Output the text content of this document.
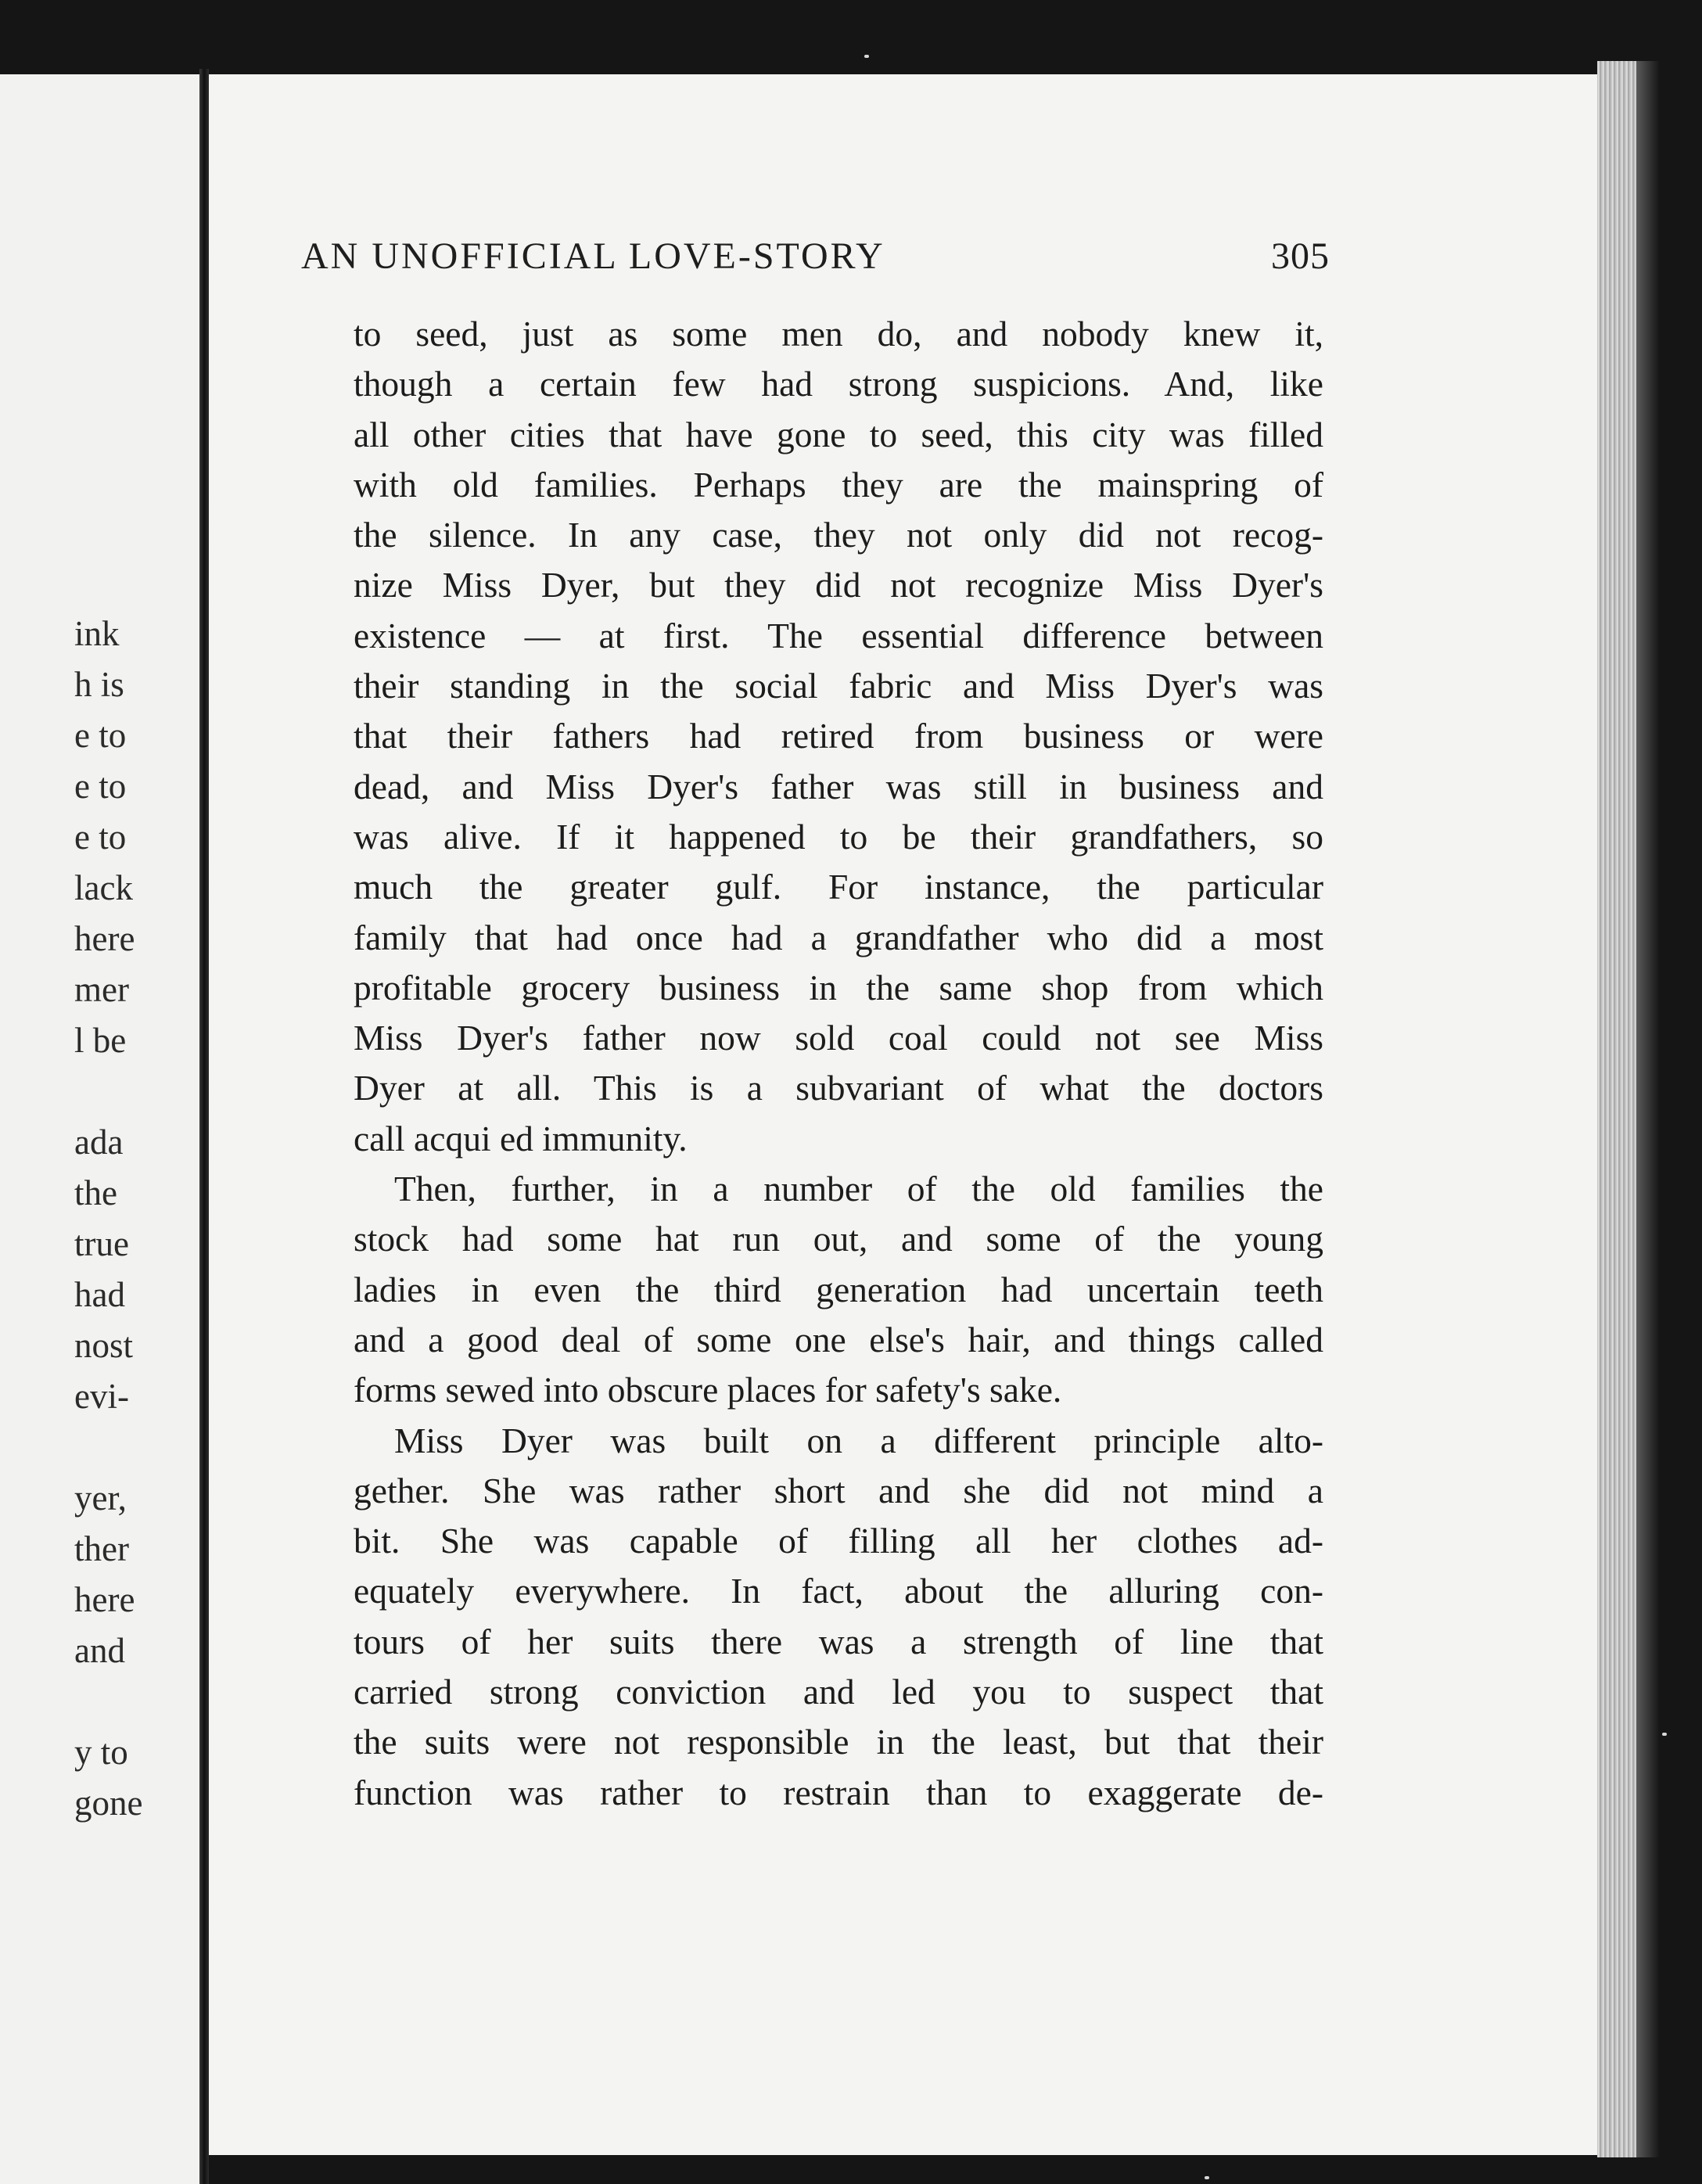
ink

h is

e to

e to

e to

lack

here

mer

l be

ada

the

true

had

nost

evi-

yer,

ther

here

and

y to

gone

AN UNOFFICIAL LOVE-STORY	305
to seed, just as some men do, and nobody knew it,
though a certain few had strong suspicions. And, like
all other cities that have gone to seed, this city was filled
with old families. Perhaps they are the mainspring of
the silence. In any case, they not only did not recog-
nize Miss Dyer, but they did not recognize Miss Dyer's
existence — at first. The essential difference between
their standing in the social fabric and Miss Dyer's was
that their fathers had retired from business or were
dead, and Miss Dyer's father was still in business and
was alive. If it happened to be their grandfathers, so
much the greater gulf. For instance, the particular
family that had once had a grandfather who did a most
profitable grocery business in the same shop from which
Miss Dyer's father now sold coal could not see Miss
Dyer at all. This is a subvariant of what the doctors
call acqui ed immunity.
Then, further, in a number of the old families the
stock had some hat run out, and some of the young
ladies in even the third generation had uncertain teeth
and a good deal of some one else's hair, and things called
forms sewed into obscure places for safety's sake.
Miss Dyer was built on a different principle alto-
gether. She was rather short and she did not mind a
bit. She was capable of filling all her clothes ad-
equately everywhere. In fact, about the alluring con-
tours of her suits there was a strength of line that
carried strong conviction and led you to suspect that
the suits were not responsible in the least, but that their
function was rather to restrain than to exaggerate de-
